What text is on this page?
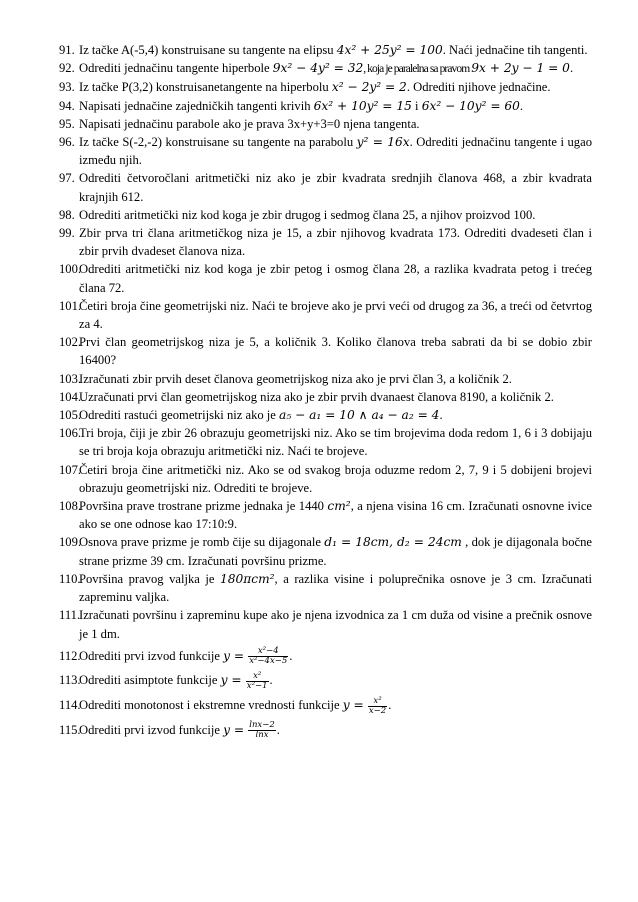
91. Iz tačke A(-5,4) konstruisane su tangente na elipsu 4x² + 25y² = 100. Naći jednačine tih tangenti.

92. Odrediti jednačinu tangente hiperbole 9x² − 4y² = 32, koja je paralelna sa pravom 9x + 2y − 1 = 0.

93. Iz tačke P(3,2) konstruisanetangente na hiperbolu x² − 2y² = 2. Odrediti njihove jednačine.

94. Napisati jednačine zajedničkih tangenti krivih 6x² + 10y² = 15 i 6x² − 10y² = 60.

95. Napisati jednačinu parabole ako je prava 3x+y+3=0 njena tangenta.

96. Iz tačke S(-2,-2) konstruisane su tangente na parabolu y² = 16x. Odrediti jednačinu tangente i ugao između njih.

97. Odrediti četvoročlani aritmetički niz ako je zbir kvadrata srednjih članova 468, a zbir kvadrata krajnjih 612.

98. Odrediti aritmetički niz kod koga je zbir drugog i sedmog člana 25, a njihov proizvod 100.

99. Zbir prva tri člana aritmetičkog niza je 15, a zbir njihovog kvadrata 173. Odrediti dvadeseti član i zbir prvih dvadeset članova niza.

100.
Odrediti aritmetički niz kod koga je zbir petog i osmog člana 28, a razlika kvadrata petog i trećeg člana 72.

101.
Četiri broja čine geometrijski niz. Naći te brojeve ako je prvi veći od drugog za 36, a treći od četvrtog za 4.

102.
Prvi član geometrijskog niza je 5, a količnik 3. Koliko članova treba sabrati da bi se dobio zbir 16400?

103.
Izračunati zbir prvih deset članova geometrijskog niza ako je prvi član 3, a količnik 2.

104.
Uzračunati prvi član geometrijskog niza ako je zbir prvih dvanaest članova 8190, a količnik 2.

105.
Odrediti rastući geometrijski niz ako je a₅ − a₁ = 10 ∧ a₄ − a₂ = 4.

106.
Tri broja, čiji je zbir 26 obrazuju geometrijski niz. Ako se tim brojevima doda redom 1, 6 i 3 dobijaju se tri broja koja obrazuju aritmetički niz. Naći te brojeve.

107.
Četiri broja čine aritmetički niz. Ako se od svakog broja oduzme redom 2, 7, 9 i 5 dobijeni brojevi obrazuju geometrijski niz. Odrediti te brojeve.

108.
Površina prave trostrane prizme jednaka je 1440 cm², a njena visina 16 cm. Izračunati osnovne ivice ako se one odnose kao 17:10:9.

109.
Osnova prave prizme je romb čije su dijagonale d₁ = 18cm, d₂ = 24cm , dok je dijagonala bočne strane prizme 39 cm. Izračunati površinu prizme.

110.
Površina pravog valjka je 180πcm², a razlika visine i poluprečnika osnove je 3 cm. Izračunati zapreminu valjka.

111.
Izračunati površinu i zapreminu kupe ako je njena izvodnica za 1 cm duža od visine a prečnik osnove je 1 dm.

112.
Odrediti prvi izvod funkcije $y = \frac{\text{x²−4}}{\text{x²−4x−5}}$ .

113.
Odrediti asimptote funkcije $y = \frac{\text{x²}}{\text{x²−1}}$ .

114.
Odrediti monotonost i ekstremne vrednosti funkcije $y = \frac{\text{x²}}{x-2}$ .

115.
Odrediti prvi izvod funkcije $y = \frac{\ln x-2}{\ln x}$ .
